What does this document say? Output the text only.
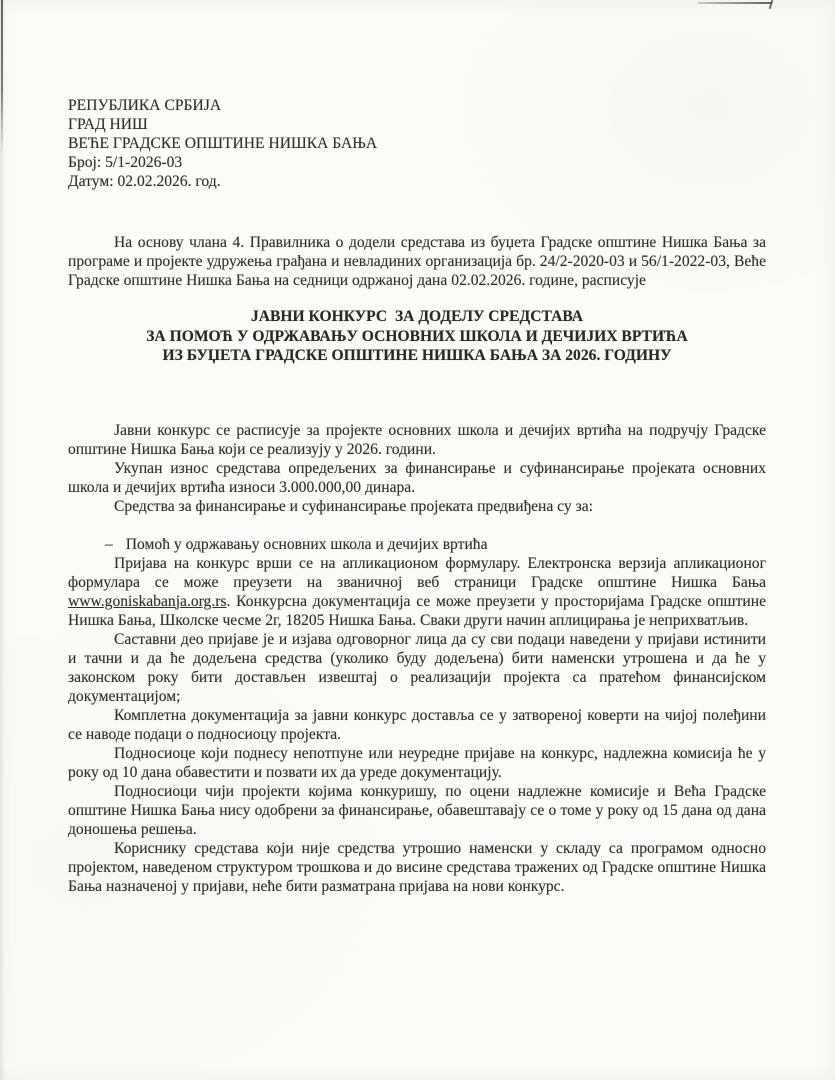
РЕПУБЛИКА СРБИЈА
ГРАД НИШ
ВЕЋЕ ГРАДСКЕ ОПШТИНЕ НИШКА БАЊА
Број: 5/1-2026-03
Датум: 02.02.2026. год.

На основу члана 4. Правилника о додели средстава из буџета Градске општине Нишка Бања за програме и пројекте удружења грађана и невладиних организација бр. 24/2-2020-03 и 56/1-2022-03, Веће Градске општине Нишка Бања на седници одржаној дана 02.02.2026. године, расписује

ЈАВНИ КОНКУРС  ЗА ДОДЕЛУ СРЕДСТАВА
ЗА ПОМОЋ У ОДРЖАВАЊУ ОСНОВНИХ ШКОЛА И ДЕЧИЈИХ ВРТИЋА
ИЗ БУЏЕТА ГРАДСКЕ ОПШТИНЕ НИШКА БАЊА ЗА 2026. ГОДИНУ

Јавни конкурс се расписује за пројекте основних школа и дечијих вртића на подручју Градске општине Нишка Бања који се реализују у 2026. години.

Укупан износ средстава опредељених за финансирање и суфинансирање пројеката основних школа и дечијих вртића износи 3.000.000,00 динара.

Средства за финансирање и суфинансирање пројеката предвиђена су за:

– Помоћ у одржавању основних школа и дечијих вртића

Пријава на конкурс врши се на апликационом формулару. Електронска верзија апликационог формулара се може преузети на званичној веб страници Градске општине Нишка Бања www.goniskabanja.org.rs. Конкурсна документација се може преузети у просторијама Градске општине Нишка Бања, Школске чесме 2г, 18205 Нишка Бања. Сваки други начин аплицирања је неприхватљив.

Саставни део пријаве је и изјава одговорног лица да су сви подаци наведени у пријави истинити и тачни и да ће додељена средства (уколико буду додељена) бити наменски утрошена и да ће у законском року бити достављен извештај о реализацији пројекта са пратећом финансијском документацијом;

Комплетна документација за јавни конкурс доставља се у затвореној коверти на чијој полеђини се наводе подаци о подносиоцу пројекта.

Подносиоце који поднесу непотпуне или неуредне пријаве на конкурс, надлежна комисија ће у року од 10 дана обавестити и позвати их да уреде документацију.

Подносиоци чији пројекти којима конкуришу, по оцени надлежне комисије и Већа Градске општине Нишка Бања нису одобрени за финансирање, обавештавају се о томе у року од 15 дана од дана доношења решења.

Кориснику средстава који није средства утрошио наменски у складу са програмом односно пројектом, наведеном структуром трошкова и до висине средстава тражених од Градске општине Нишка Бања назначеној у пријави, неће бити разматрана пријава на нови конкурс.
